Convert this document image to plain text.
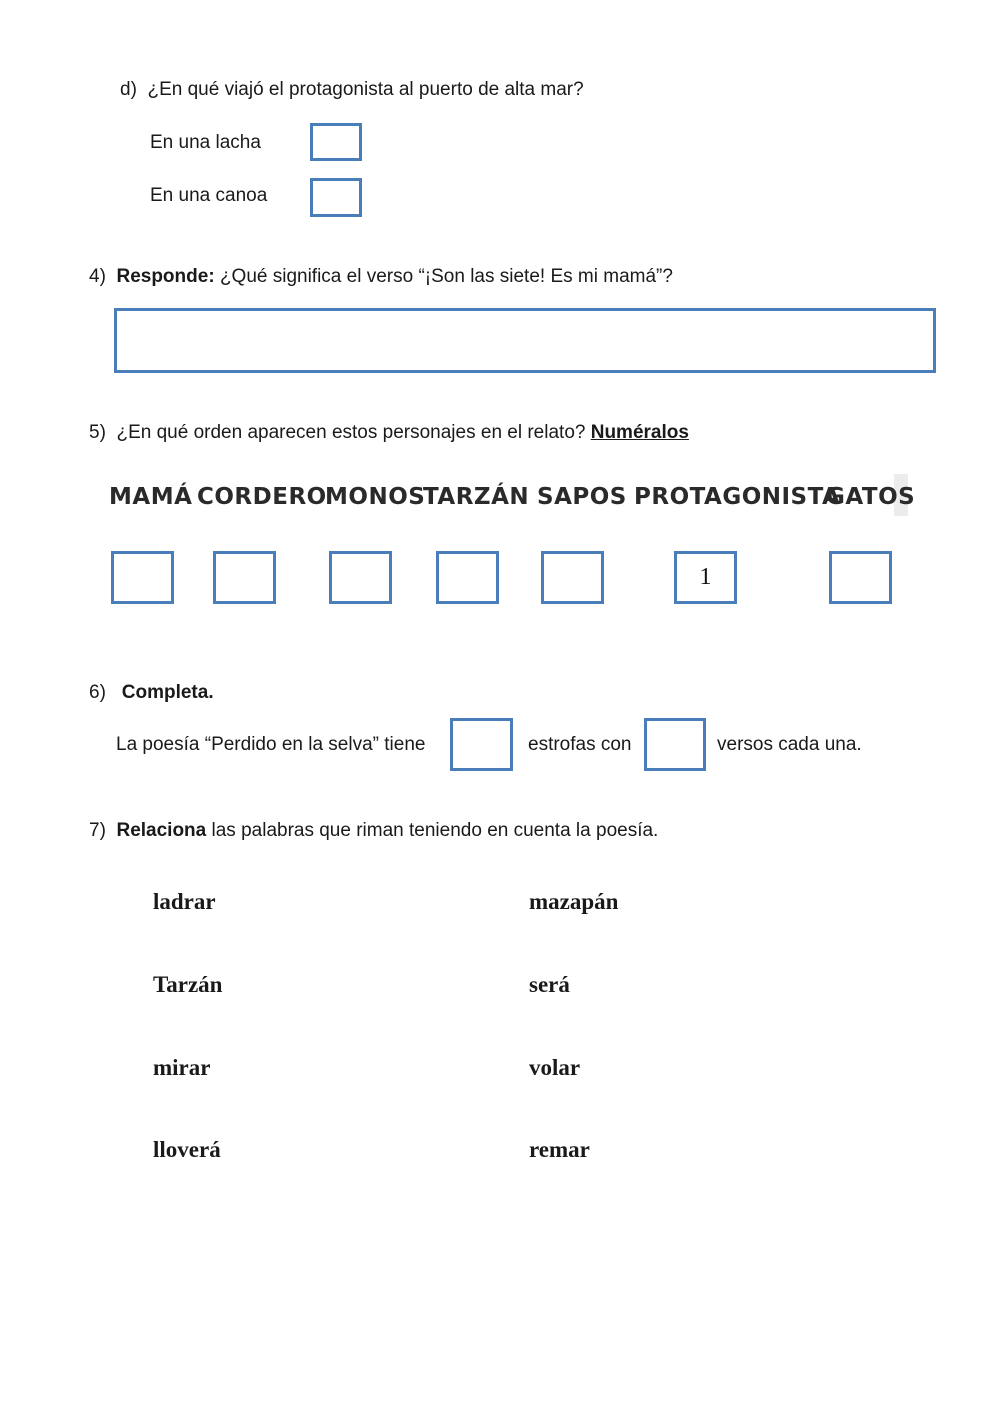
d) ¿En qué viajó el protagonista al puerto de alta mar?
En una lacha
En una canoa
4) Responde: ¿Qué significa el verso “¡Son las siete! Es mi mamá”?
5) ¿En qué orden aparecen estos personajes en el relato? Numéralos
MAMÁ CORDERO
MONOS
TARZÁN SAPOS PROTAGONISTA
GATOS
1
6) Completa.
La poesía “Perdido en la selva” tiene	estrofas con	versos cada una.
7) Relaciona las palabras que riman teniendo en cuenta la poesía.
ladrar
Tarzán
mirar
lloverá
mazapán
será
volar
remar
